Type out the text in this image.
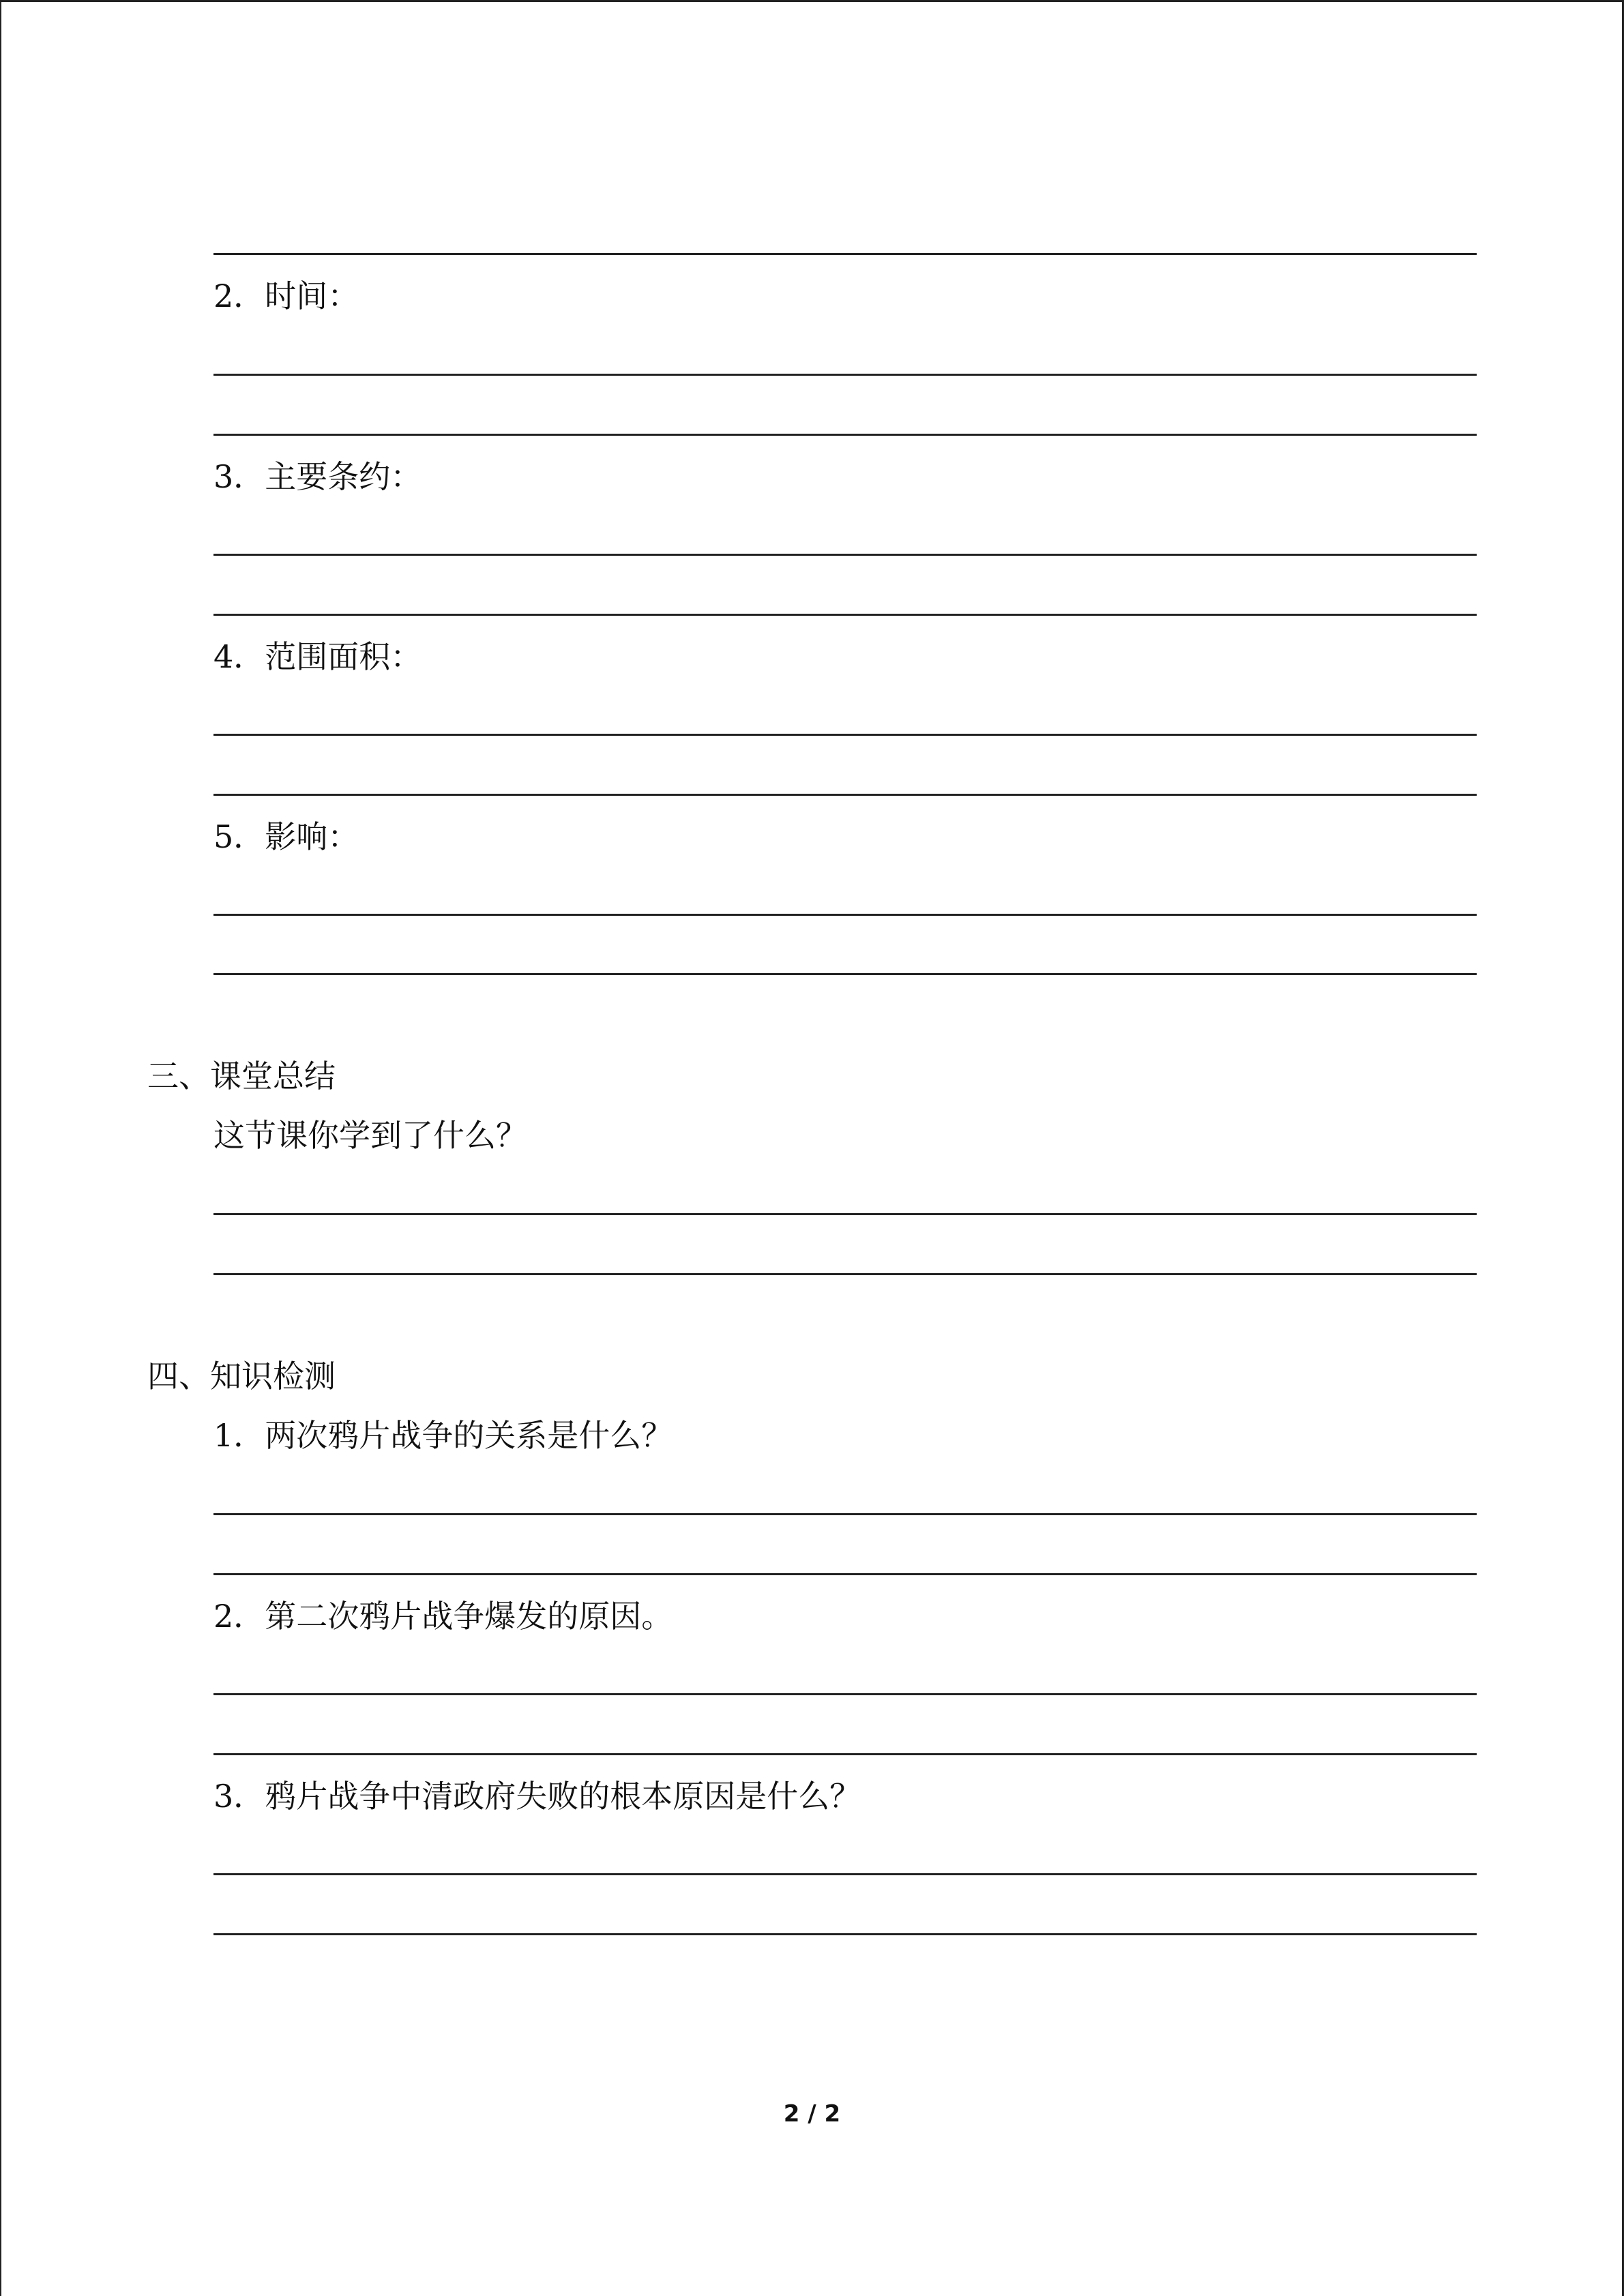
2．时间：
3．主要条约：
4．范围面积：
5．影响：
三、课堂总结
这节课你学到了什么？
四、知识检测
1．两次鸦片战争的关系是什么？
2．第二次鸦片战争爆发的原因。
3．鸦片战争中清政府失败的根本原因是什么？
2 / 2
